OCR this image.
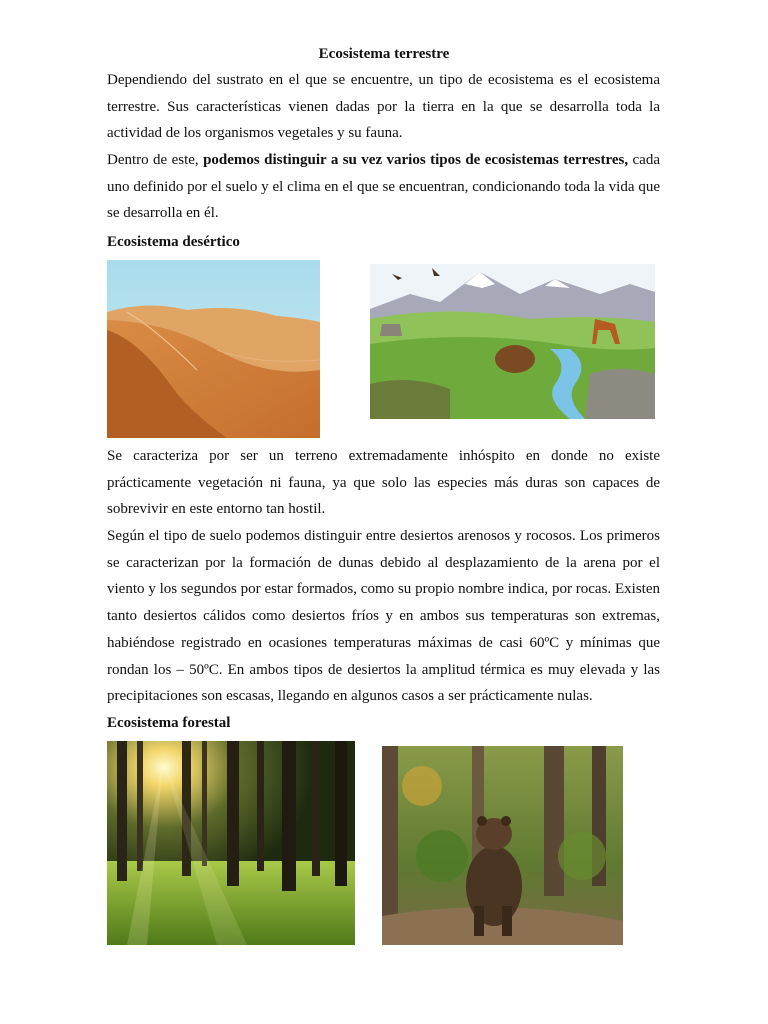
Ecosistema terrestre

Dependiendo del sustrato en el que se encuentre, un tipo de ecosistema es el ecosistema terrestre. Sus características vienen dadas por la tierra en la que se desarrolla toda la actividad de los organismos vegetales y su fauna.

Dentro de este, podemos distinguir a su vez varios tipos de ecosistemas terrestres, cada uno definido por el suelo y el clima en el que se encuentran, condicionando toda la vida que se desarrolla en él.

Ecosistema desértico

Se caracteriza por ser un terreno extremadamente inhóspito en donde no existe prácticamente vegetación ni fauna, ya que solo las especies más duras son capaces de sobrevivir en este entorno tan hostil.

Según el tipo de suelo podemos distinguir entre desiertos arenosos y rocosos. Los primeros se caracterizan por la formación de dunas debido al desplazamiento de la arena por el viento y los segundos por estar formados, como su propio nombre indica, por rocas. Existen tanto desiertos cálidos como desiertos fríos y en ambos sus temperaturas son extremas, habiéndose registrado en ocasiones temperaturas máximas de casi 60ºC y mínimas que rondan los – 50ºC. En ambos tipos de desiertos la amplitud térmica es muy elevada y las precipitaciones son escasas, llegando en algunos casos a ser prácticamente nulas.

Ecosistema forestal
